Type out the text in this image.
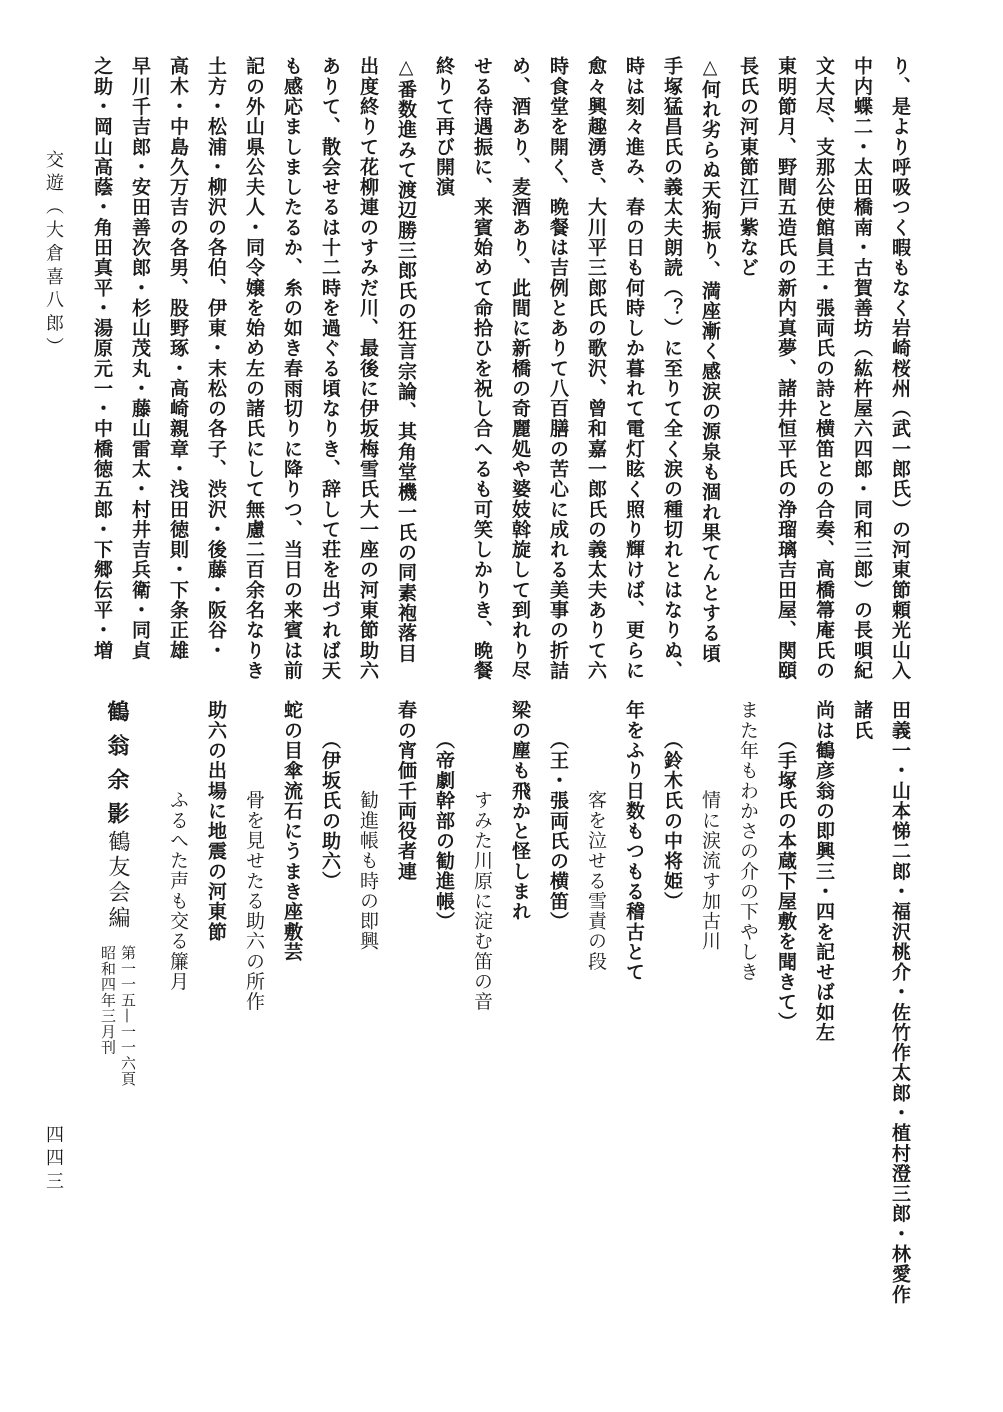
り、是より呼吸つく暇もなく岩崎桜州（武一郎氏）の河東節頼光山入
中内蝶二・太田橋南・古賀善坊（紘杵屋六四郎・同和三郎）の長唄紀
文大尽、支那公使館員王・張両氏の詩と横笛との合奏、高橋箒庵氏の
東明節月、野間五造氏の新内真夢、諸井恒平氏の浄瑠璃吉田屋、関頤
長氏の河東節江戸紫など
△何れ劣らぬ天狗振り、満座漸く感涙の源泉も涸れ果てんとする頃
手塚猛昌氏の義太夫朗読（？）に至りて全く涙の種切れとはなりぬ、
時は刻々進み、春の日も何時しか暮れて電灯眩く照り輝けば、更らに
愈々興趣湧き、大川平三郎氏の歌沢、曾和嘉一郎氏の義太夫ありて六
時食堂を開く、晩餐は吉例とありて八百膳の苦心に成れる美事の折詰
め、酒あり、麦酒あり、此間に新橋の奇麗処や婆妓斡旋して到れり尽
せる待遇振に、来賓始めて命拾ひを祝し合へるも可笑しかりき、晩餐
終りて再び開演
△番数進みて渡辺勝三郎氏の狂言宗論、其角堂機一氏の同素袍落目
出度終りて花柳連のすみだ川、最後に伊坂梅雪氏大一座の河東節助六
ありて、散会せるは十二時を過ぐる頃なりき、辞して荘を出づれば天
も感応ましましたるか、糸の如き春雨切りに降りつ、当日の来賓は前
記の外山県公夫人・同令嬢を始め左の諸氏にして無慮二百余名なりき
土方・松浦・柳沢の各伯、伊東・末松の各子、渋沢・後藤・阪谷・
高木・中島久万吉の各男、股野琢・高崎親章・浅田徳則・下条正雄
早川千吉郎・安田善次郎・杉山茂丸・藤山雷太・村井吉兵衛・同貞
之助・岡山高蔭・角田真平・湯原元一・中橋徳五郎・下郷伝平・増
交遊（大倉喜八郎）
田義一・山本悌二郎・福沢桃介・佐竹作太郎・植村澄三郎・林愛作
諸氏
尚は鶴彦翁の即興三・四を記せば如左
（手塚氏の本蔵下屋敷を聞きて）
また年もわかさの介の下やしき
情に涙流す加古川
（鈴木氏の中将姫）
年をふり日数もつもる稽古とて
客を泣せる雪責の段
（王・張両氏の横笛）
梁の塵も飛かと怪しまれ
すみた川原に淀む笛の音
（帝劇幹部の勧進帳）
春の宵価千両役者連
勧進帳も時の即興
（伊坂氏の助六）
蛇の目傘流石にうまき座敷芸
骨を見せたる助六の所作
助六の出場に地震の河東節
ふるへた声も交る簾月
鶴翁余影
鶴友会編
第一一五—一一六頁
昭和四年三月刊
四四三
